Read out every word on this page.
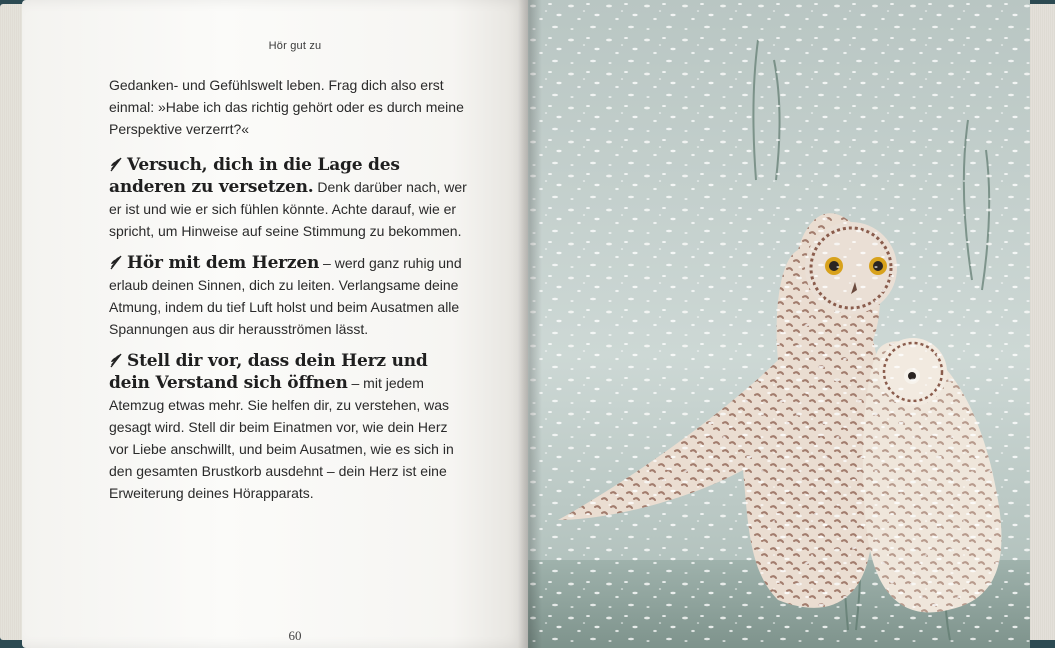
Hör gut zu

Gedanken- und Gefühlswelt leben. Frag dich also erst einmal: »Habe ich das richtig gehört oder es durch meine Perspektive verzerrt?«

Versuch, dich in die Lage des anderen zu versetzen. Denk darüber nach, wer er ist und wie er sich fühlen könnte. Achte darauf, wie er spricht, um Hinweise auf seine Stimmung zu bekommen.

Hör mit dem Herzen – werd ganz ruhig und erlaub deinen Sinnen, dich zu leiten. Verlangsame deine Atmung, indem du tief Luft holst und beim Ausatmen alle Spannungen aus dir herausströmen lässt.

Stell dir vor, dass dein Herz und dein Verstand sich öffnen – mit jedem Atemzug etwas mehr. Sie helfen dir, zu verstehen, was gesagt wird. Stell dir beim Einatmen vor, wie dein Herz vor Liebe anschwillt, und beim Ausatmen, wie es sich in den gesamten Brustkorb ausdehnt – dein Herz ist eine Erweiterung deines Hörapparats.

60
